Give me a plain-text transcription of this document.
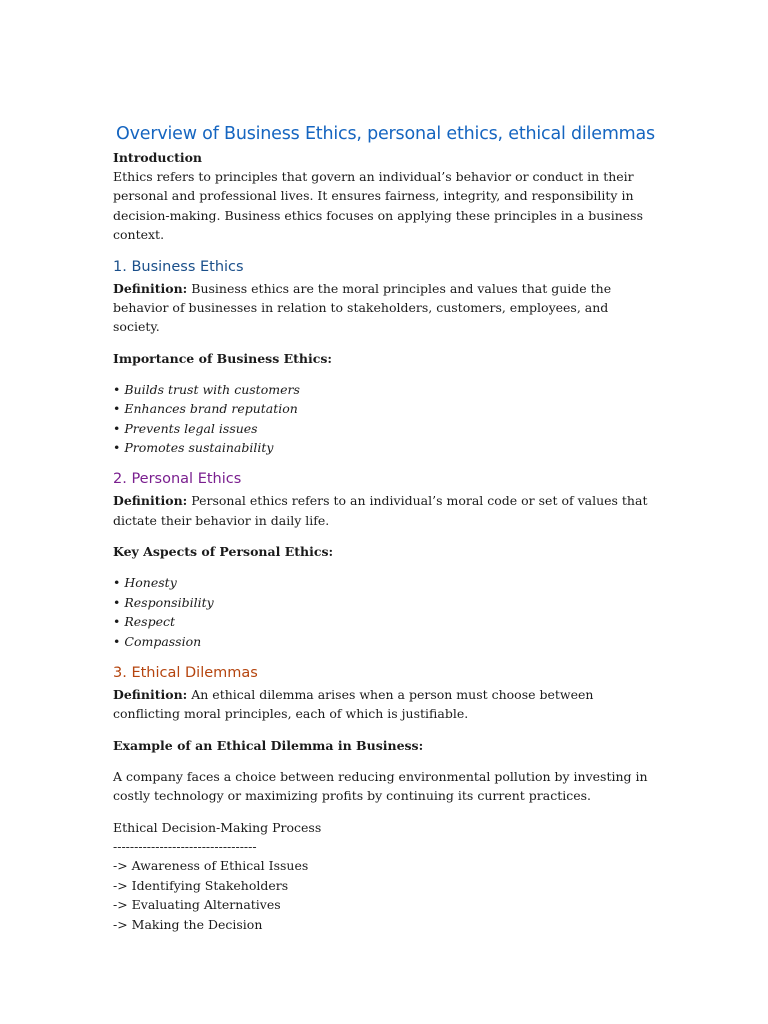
Overview of Business Ethics, personal ethics, ethical dilemmas
Introduction

Ethics refers to principles that govern an individual’s behavior or conduct in their personal and professional lives. It ensures fairness, integrity, and responsibility in decision-making. Business ethics focuses on applying these principles in a business context.

1. Business Ethics

Definition: Business ethics are the moral principles and values that guide the behavior of businesses in relation to stakeholders, customers, employees, and society.

Importance of Business Ethics:
• Builds trust with customers
• Enhances brand reputation
• Prevents legal issues
• Promotes sustainability
2. Personal Ethics

Definition: Personal ethics refers to an individual’s moral code or set of values that dictate their behavior in daily life.

Key Aspects of Personal Ethics:
• Honesty
• Responsibility
• Respect
• Compassion
3. Ethical Dilemmas

Definition: An ethical dilemma arises when a person must choose between conflicting moral principles, each of which is justifiable.

Example of an Ethical Dilemma in Business:

A company faces a choice between reducing environmental pollution by investing in costly technology or maximizing profits by continuing its current practices.

Ethical Decision-Making Process
----------------------------------
-> Awareness of Ethical Issues
-> Identifying Stakeholders
-> Evaluating Alternatives
-> Making the Decision
